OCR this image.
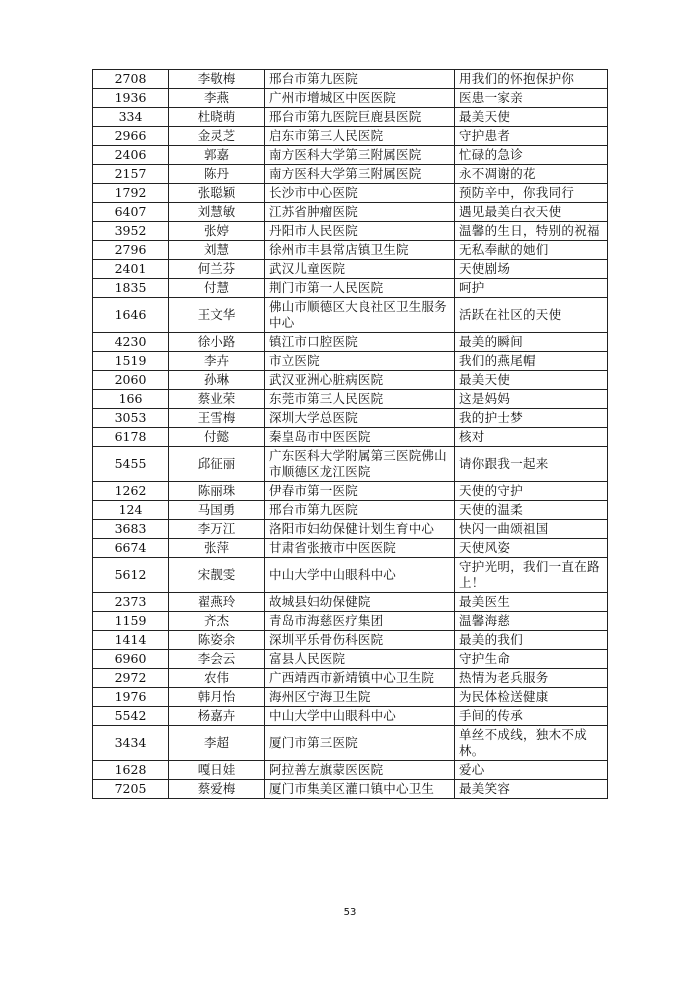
2708	李敬梅	邢台市第九医院	用我们的怀抱保护你
1936	李燕	广州市增城区中医医院	医患一家亲
334	杜晓萌	邢台市第九医院巨鹿县医院	最美天使
2966	金灵芝	启东市第三人民医院	守护患者
2406	郭嘉	南方医科大学第三附属医院	忙碌的急诊
2157	陈丹	南方医科大学第三附属医院	永不凋谢的花
1792	张聪颖	长沙市中心医院	预防辛中，你我同行
6407	刘慧敏	江苏省肿瘤医院	遇见最美白衣天使
3952	张婷	丹阳市人民医院	温馨的生日，特别的祝福
2796	刘慧	徐州市丰县常店镇卫生院	无私奉献的她们
2401	何兰芬	武汉儿童医院	天使剧场
1835	付慧	荆门市第一人民医院	呵护
1646	王文华	佛山市顺德区大良社区卫生服务中心	活跃在社区的天使
4230	徐小路	镇江市口腔医院	最美的瞬间
1519	李卉	市立医院	我们的燕尾帽
2060	孙琳	武汉亚洲心脏病医院	最美天使
166	蔡业荣	东莞市第三人民医院	这是妈妈
3053	王雪梅	深圳大学总医院	我的护士梦
6178	付懿	秦皇岛市中医医院	核对
5455	邱征丽	广东医科大学附属第三医院佛山市顺德区龙江医院	请你跟我一起来
1262	陈丽珠	伊春市第一医院	天使的守护
124	马国勇	邢台市第九医院	天使的温柔
3683	李万江	洛阳市妇幼保健计划生育中心	快闪一曲颂祖国
6674	张萍	甘肃省张掖市中医医院	天使风姿
5612	宋靓雯	中山大学中山眼科中心	守护光明，我们一直在路上！
2373	翟燕玲	故城县妇幼保健院	最美医生
1159	齐杰	青岛市海慈医疗集团	温馨海慈
1414	陈姿余	深圳平乐骨伤科医院	最美的我们
6960	李会云	富县人民医院	守护生命
2972	农伟	广西靖西市新靖镇中心卫生院	热情为老兵服务
1976	韩月怡	海州区宁海卫生院	为民体检送健康
5542	杨嘉卉	中山大学中山眼科中心	手间的传承
3434	李超	厦门市第三医院	单丝不成线，独木不成林。
1628	嘎日娃	阿拉善左旗蒙医医院	爱心
7205	蔡爱梅	厦门市集美区灌口镇中心卫生	最美笑容
53
